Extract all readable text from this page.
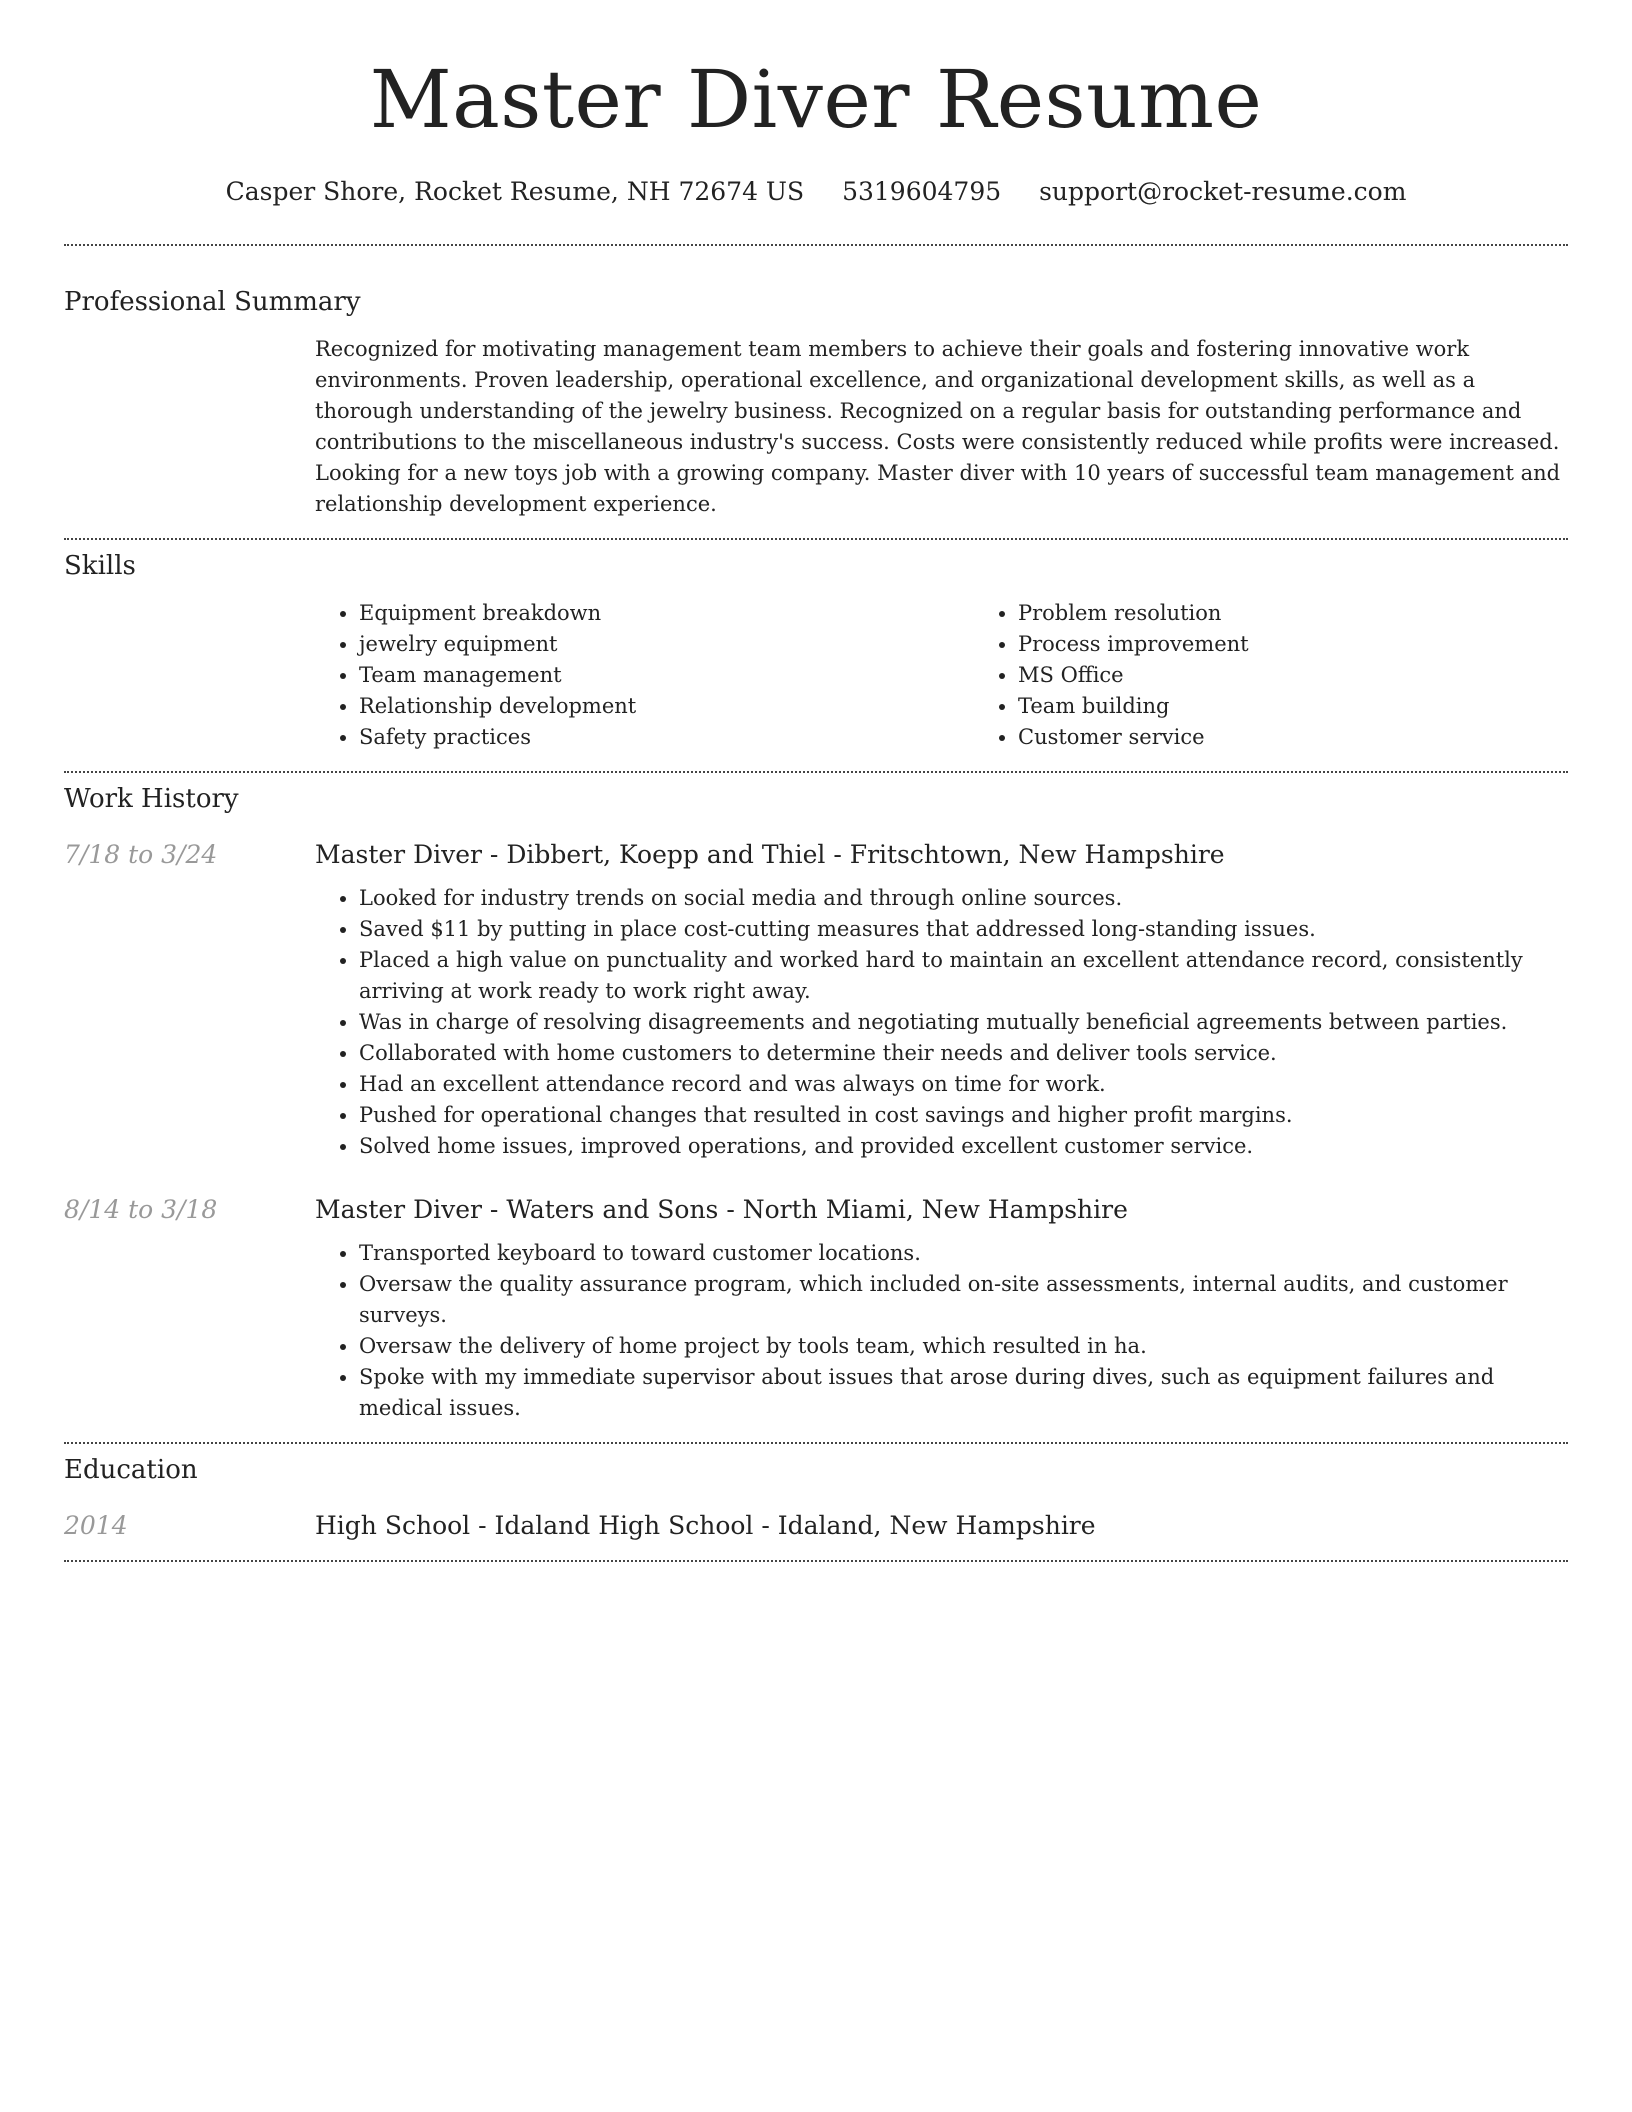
Master Diver Resume
Casper Shore, Rocket Resume, NH 72674 US 5319604795 support@rocket-resume.com
Professional Summary

Recognized for motivating management team members to achieve their goals and fostering innovative work environments. Proven leadership, operational excellence, and organizational development skills, as well as a thorough understanding of the jewelry business. Recognized on a regular basis for outstanding performance and contributions to the miscellaneous industry's success. Costs were consistently reduced while profits were increased. Looking for a new toys job with a growing company. Master diver with 10 years of successful team management and relationship development experience.

Skills
• Equipment breakdown
• jewelry equipment
• Team management
• Relationship development
• Safety practices
• Problem resolution
• Process improvement
• MS Office
• Team building
• Customer service
Work History
7/18 to 3/24	Master Diver - Dibbert, Koepp and Thiel - Fritschtown, New Hampshire
• Looked for industry trends on social media and through online sources.
• Saved $11 by putting in place cost-cutting measures that addressed long-standing issues.
• Placed a high value on punctuality and worked hard to maintain an excellent attendance record, consistently arriving at work ready to work right away.
• Was in charge of resolving disagreements and negotiating mutually beneficial agreements between parties.
• Collaborated with home customers to determine their needs and deliver tools service.
• Had an excellent attendance record and was always on time for work.
• Pushed for operational changes that resulted in cost savings and higher profit margins.
• Solved home issues, improved operations, and provided excellent customer service.
8/14 to 3/18	Master Diver - Waters and Sons - North Miami, New Hampshire
• Transported keyboard to toward customer locations.
• Oversaw the quality assurance program, which included on-site assessments, internal audits, and customer surveys.
• Oversaw the delivery of home project by tools team, which resulted in ha.
• Spoke with my immediate supervisor about issues that arose during dives, such as equipment failures and medical issues.
Education
2014	High School - Idaland High School - Idaland, New Hampshire
